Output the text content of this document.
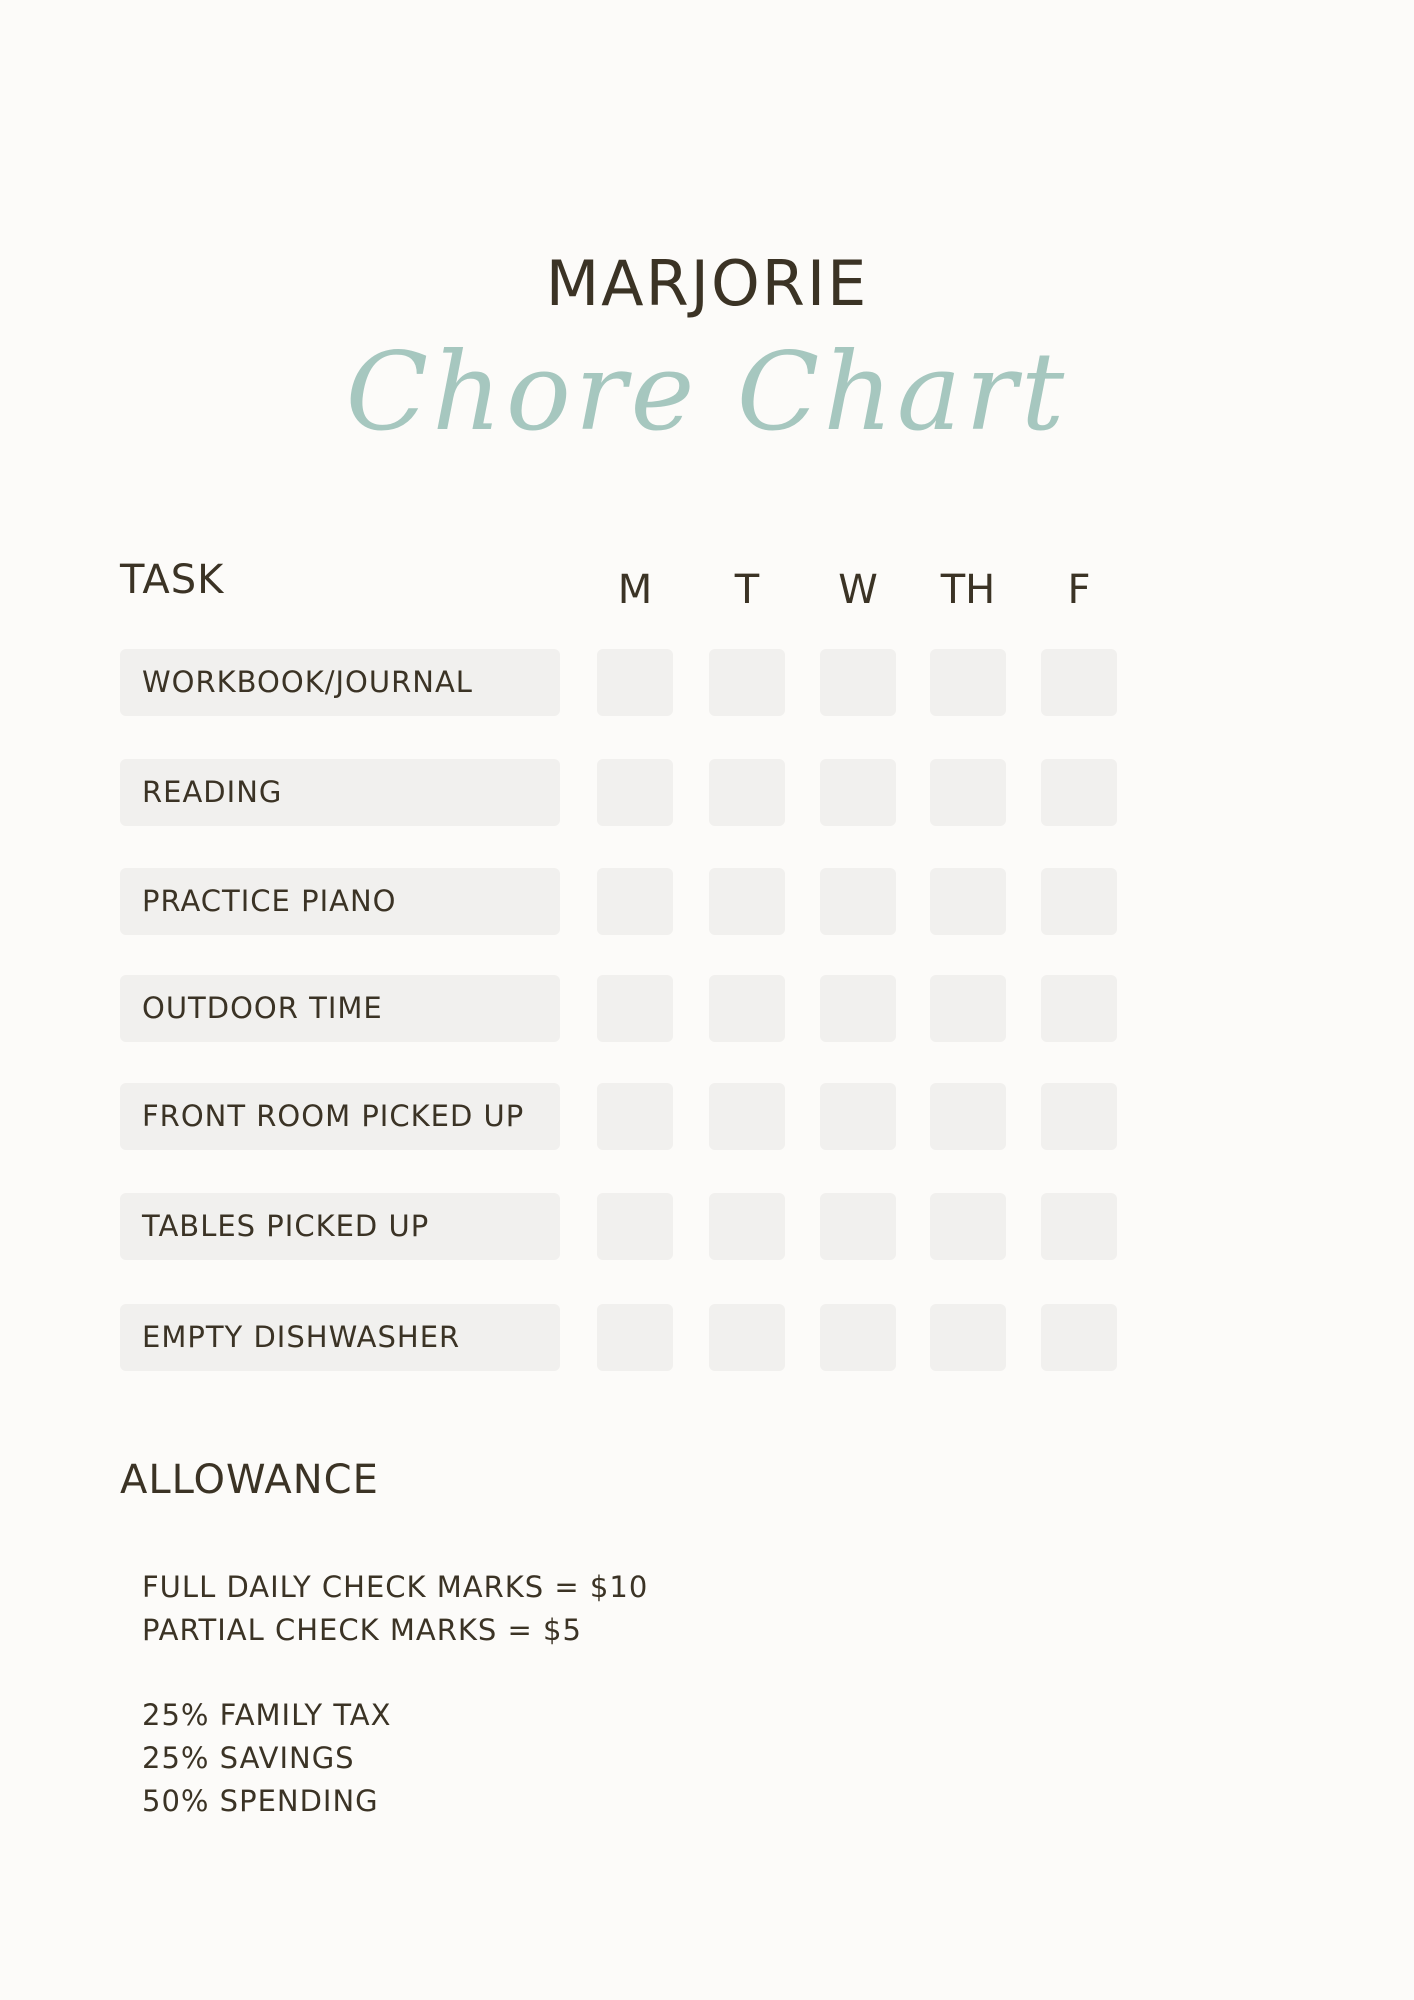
MARJORIE
Chore Chart
TASK	M	T	W	TH	F
WORKBOOK/JOURNAL
READING
PRACTICE PIANO
OUTDOOR TIME
FRONT ROOM PICKED UP
TABLES PICKED UP
EMPTY DISHWASHER
ALLOWANCE
FULL DAILY CHECK MARKS = $10
PARTIAL CHECK MARKS = $5
25% FAMILY TAX
25% SAVINGS
50% SPENDING
